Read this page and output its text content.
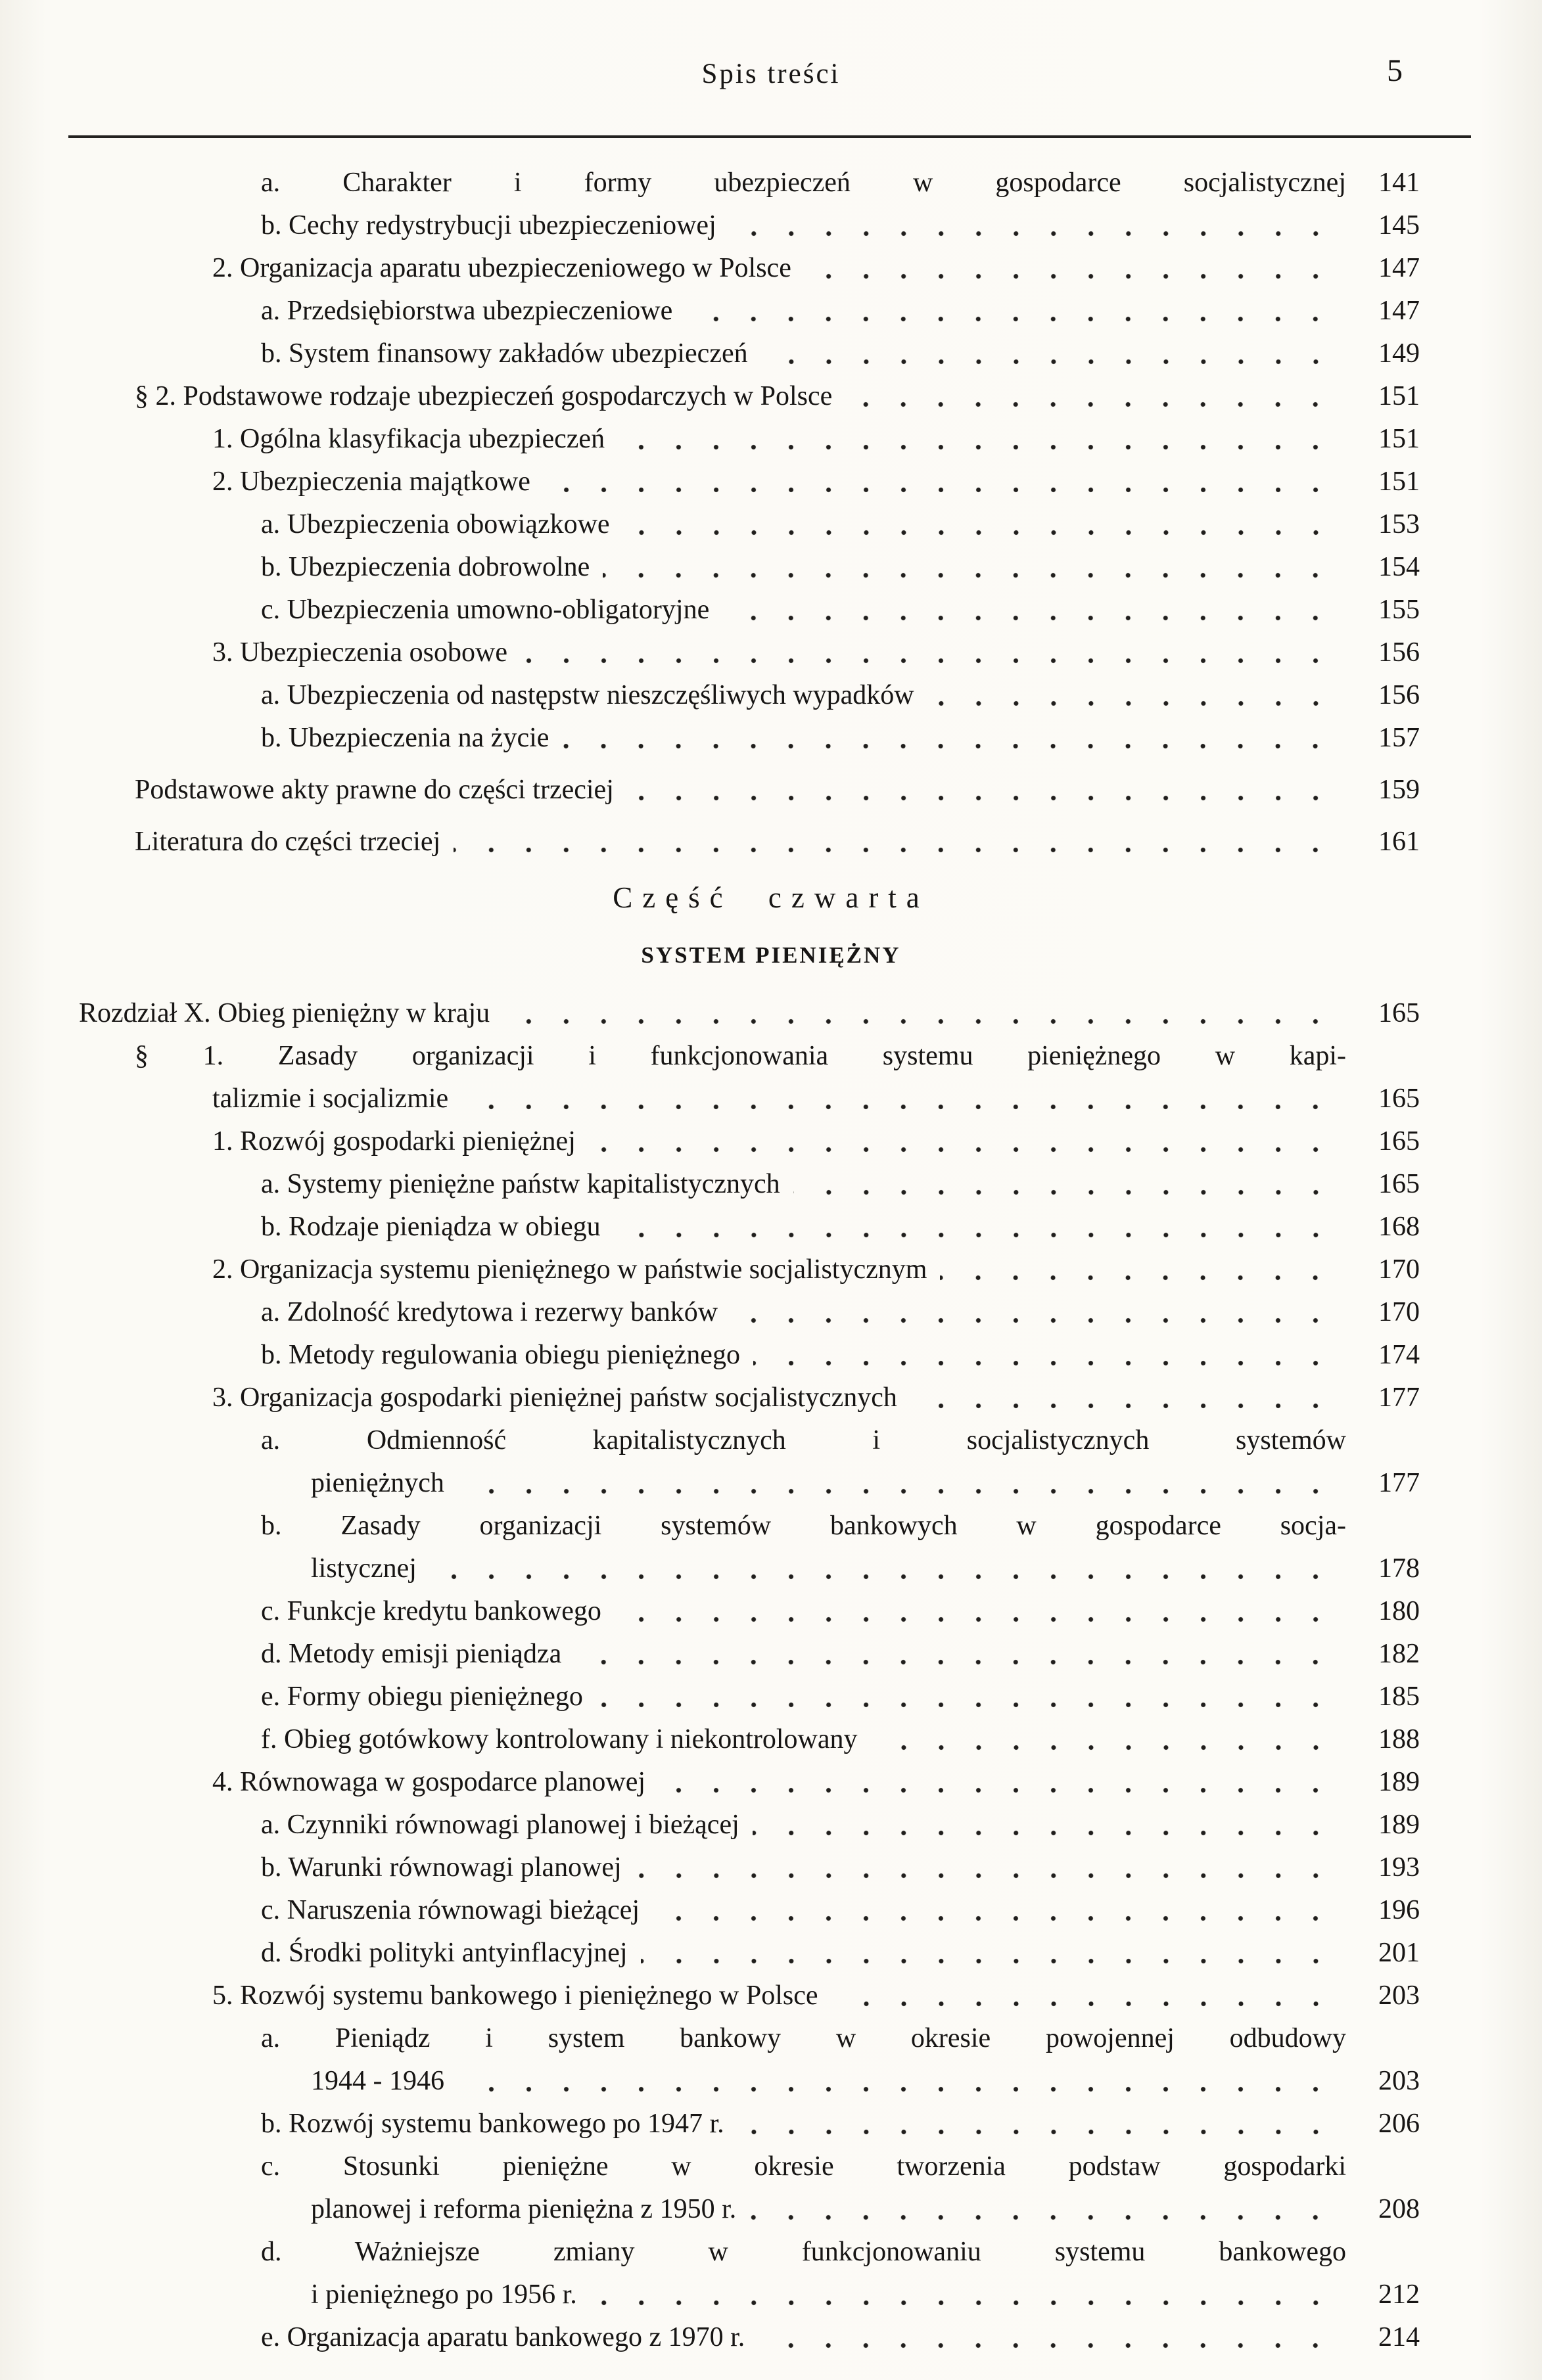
Spis treści	5
a. Charakter i formy ubezpieczeń w gospodarce socjalistycznej	141
b. Cechy redystrybucji ubezpieczeniowej	145
2. Organizacja aparatu ubezpieczeniowego w Polsce	147
a. Przedsiębiorstwa ubezpieczeniowe	147
b. System finansowy zakładów ubezpieczeń	149
§ 2. Podstawowe rodzaje ubezpieczeń gospodarczych w Polsce	151
1. Ogólna klasyfikacja ubezpieczeń	151
2. Ubezpieczenia majątkowe	151
a. Ubezpieczenia obowiązkowe	153
b. Ubezpieczenia dobrowolne	154
c. Ubezpieczenia umowno-obligatoryjne	155
3. Ubezpieczenia osobowe	156
a. Ubezpieczenia od następstw nieszczęśliwych wypadków	156
b. Ubezpieczenia na życie	157
Podstawowe akty prawne do części trzeciej	159
Literatura do części trzeciej	161
Część czwarta
SYSTEM PIENIĘŻNY
Rozdział X. Obieg pieniężny w kraju	165
§ 1. Zasady organizacji i funkcjonowania systemu pieniężnego w kapi-
talizmie i socjalizmie	165
1. Rozwój gospodarki pieniężnej	165
a. Systemy pieniężne państw kapitalistycznych	165
b. Rodzaje pieniądza w obiegu	168
2. Organizacja systemu pieniężnego w państwie socjalistycznym	170
a. Zdolność kredytowa i rezerwy banków	170
b. Metody regulowania obiegu pieniężnego	174
3. Organizacja gospodarki pieniężnej państw socjalistycznych	177
a. Odmienność kapitalistycznych i socjalistycznych systemów
pieniężnych	177
b. Zasady organizacji systemów bankowych w gospodarce socja-
listycznej	178
c. Funkcje kredytu bankowego	180
d. Metody emisji pieniądza	182
e. Formy obiegu pieniężnego	185
f. Obieg gotówkowy kontrolowany i niekontrolowany	188
4. Równowaga w gospodarce planowej	189
a. Czynniki równowagi planowej i bieżącej	189
b. Warunki równowagi planowej	193
c. Naruszenia równowagi bieżącej	196
d. Środki polityki antyinflacyjnej	201
5. Rozwój systemu bankowego i pieniężnego w Polsce	203
a. Pieniądz i system bankowy w okresie powojennej odbudowy
1944 - 1946	203
b. Rozwój systemu bankowego po 1947 r.	206
c. Stosunki pieniężne w okresie tworzenia podstaw gospodarki
planowej i reforma pieniężna z 1950 r.	208
d. Ważniejsze zmiany w funkcjonowaniu systemu bankowego
i pieniężnego po 1956 r.	212
e. Organizacja aparatu bankowego z 1970 r.	214
